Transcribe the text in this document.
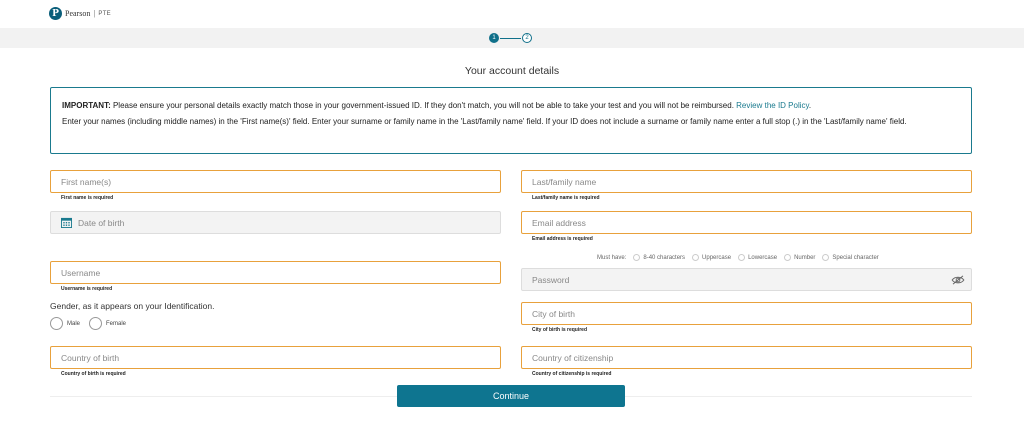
P Pearson | PTE
1	2
Your account details

IMPORTANT: Please ensure your personal details exactly match those in your government-issued ID. If they don't match, you will not be able to take your test and you will not be reimbursed. Review the ID Policy.

Enter your names (including middle names) in the 'First name(s)' field. Enter your surname or family name in the 'Last/family name' field. If your ID does not include a surname or family name enter a full stop (.) in the 'Last/family name' field.

First name(s)
First name is required
Last/family name
Last/family name is required
Date of birth	Email address
Email address is required
Must have:	8-40 characters	Uppercase	Lowercase	Number	Special character
Username
Username is required
Password
Gender, as it appears on your Identification.
Male	Female
City of birth
City of birth is required
Country of birth
Country of birth is required
Country of citizenship
Country of citizenship is required
Continue
